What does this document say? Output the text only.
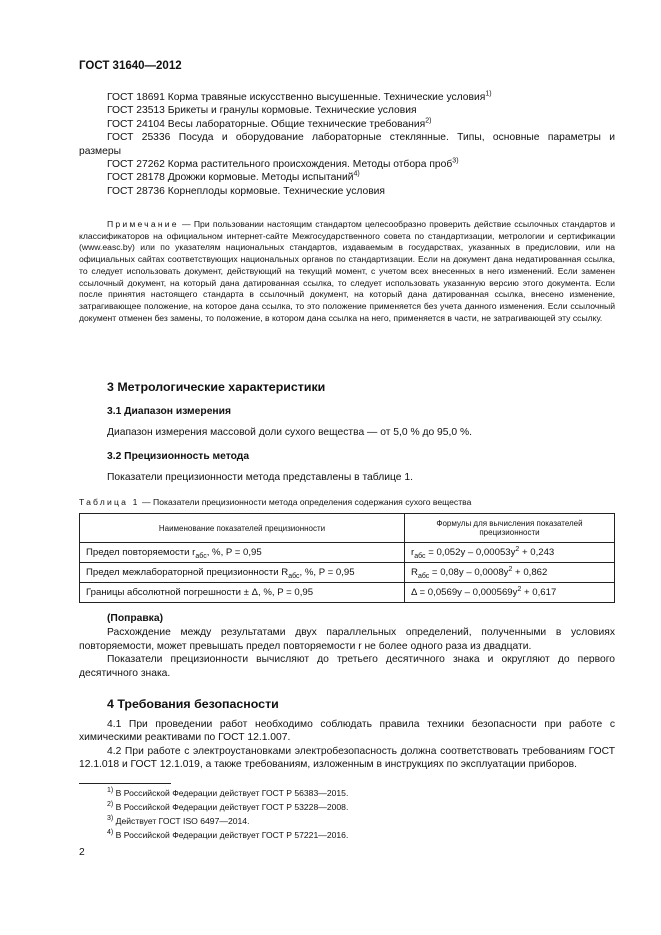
ГОСТ 31640—2012
ГОСТ 18691 Корма травяные искусственно высушенные. Технические условия$^{1)}$
ГОСТ 23513 Брикеты и гранулы кормовые. Технические условия
ГОСТ 24104 Весы лабораторные. Общие технические требования$^{2)}$
ГОСТ 25336 Посуда и оборудование лабораторные стеклянные. Типы, основные параметры и
размеры
ГОСТ 27262 Корма растительного происхождения. Методы отбора проб$^{3)}$
ГОСТ 28178 Дрожжи кормовые. Методы испытаний$^{4)}$
ГОСТ 28736 Корнеплоды кормовые. Технические условия

Примечание — При пользовании настоящим стандартом целесообразно проверить действие ссылочных стандартов и классификаторов на официальном интернет-сайте Межгосударственного совета по стандартизации, метрологии и сертификации (www.easc.by) или по указателям национальных стандартов, издаваемым в государствах, указанных в предисловии, или на официальных сайтах соответствующих национальных органов по стандартизации. Если на документ дана недатированная ссылка, то следует использовать документ, действующий на текущий момент, с учетом всех внесенных в него изменений. Если заменен ссылочный документ, на который дана датированная ссылка, то следует использовать указанную версию этого документа. Если после принятия настоящего стандарта в ссылочный документ, на который дана датированная ссылка, внесено изменение, затрагивающее положение, на которое дана ссылка, то это положение применяется без учета данного изменения. Если ссылочный документ отменен без замены, то положение, в котором дана ссылка на него, применяется в части, не затрагивающей эту ссылку.

3 Метрологические характеристики
3.1 Диапазон измерения
Диапазон измерения массовой доли сухого вещества — от 5,0 % до 95,0 %.
3.2 Прецизионность метода
Показатели прецизионности метода представлены в таблице 1.
Таблица 1 — Показатели прецизионности метода определения содержания сухого вещества
Наименование показателей прецизионности	Формулы для вычисления показателей прецизионности
Предел повторяемости $r_{абс}$, %, P = 0,95	$r_{абс} = 0,052y - 0,00053y^2 + 0,243$
Предел межлабораторной прецизионности $R_{абс}$, %, P = 0,95	$R_{абс} = 0,08y - 0,0008y^2 + 0,862$
Границы абсолютной погрешности ± Δ, %, P = 0,95	$\Delta = 0,0569y - 0,000569y^2 + 0,617$

(Поправка)

Расхождение между результатами двух параллельных определений, полученными в условиях повторяемости, может превышать предел повторяемости r не более одного раза из двадцати.

Показатели прецизионности вычисляют до третьего десятичного знака и округляют до первого десятичного знака.

4 Требования безопасности

4.1 При проведении работ необходимо соблюдать правила техники безопасности при работе с химическими реактивами по ГОСТ 12.1.007.

4.2 При работе с электроустановками электробезопасность должна соответствовать требованиям ГОСТ 12.1.018 и ГОСТ 12.1.019, а также требованиям, изложенным в инструкциях по эксплуатации приборов.

$^{1)}$ В Российской Федерации действует ГОСТ Р 56383—2015.
$^{2)}$ В Российской Федерации действует ГОСТ Р 53228—2008.
$^{3)}$ Действует ГОСТ ISO 6497—2014.
$^{4)}$ В Российской Федерации действует ГОСТ Р 57221—2016.
2
